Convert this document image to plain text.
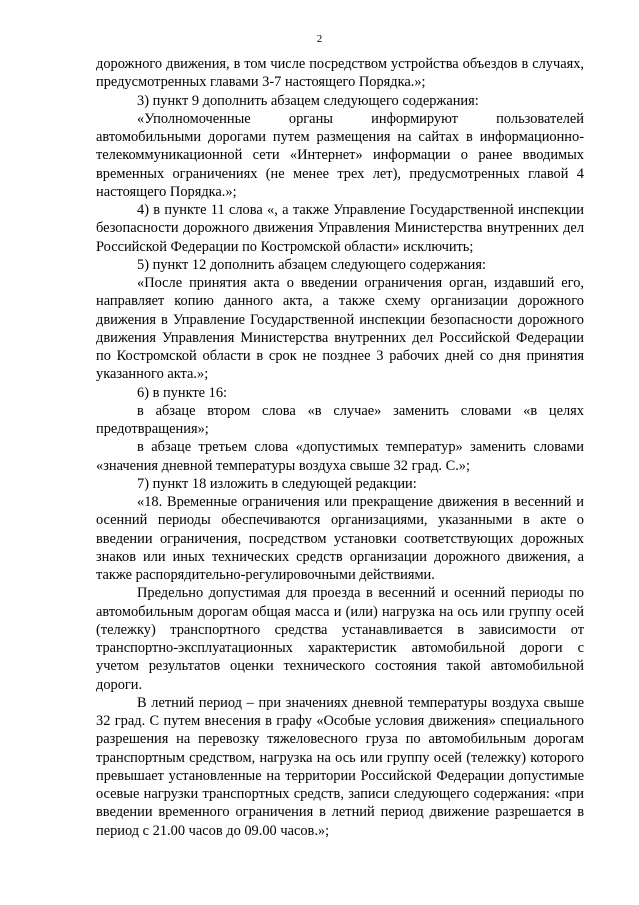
2

дорожного движения, в том числе посредством устройства объездов в случаях, предусмотренных главами 3-7 настоящего Порядка.»;

3) пункт 9 дополнить абзацем следующего содержания:

«Уполномоченные органы информируют пользователей автомобильными дорогами путем размещения на сайтах в информационно-телекоммуникационной сети «Интернет» информации о ранее вводимых временных ограничениях (не менее трех лет), предусмотренных главой 4 настоящего Порядка.»;

4) в пункте 11 слова «, а также Управление Государственной инспекции безопасности дорожного движения Управления Министерства внутренних дел Российской Федерации по Костромской области» исключить;

5) пункт 12 дополнить абзацем следующего содержания:

«После принятия акта о введении ограничения орган, издавший его, направляет копию данного акта, а также схему организации дорожного движения в Управление Государственной инспекции безопасности дорожного движения Управления Министерства внутренних дел Российской Федерации по Костромской области в срок не позднее 3 рабочих дней со дня принятия указанного акта.»;

6) в пункте 16:

в абзаце втором слова «в случае» заменить словами «в целях предотвращения»;

в абзаце третьем слова «допустимых температур» заменить словами «значения дневной температуры воздуха свыше 32 град. С.»;

7) пункт 18 изложить в следующей редакции:

«18. Временные ограничения или прекращение движения в весенний и осенний периоды обеспечиваются организациями, указанными в акте о введении ограничения, посредством установки соответствующих дорожных знаков или иных технических средств организации дорожного движения, а также распорядительно-регулировочными действиями.

Предельно допустимая для проезда в весенний и осенний периоды по автомобильным дорогам общая масса и (или) нагрузка на ось или группу осей (тележку) транспортного средства устанавливается в зависимости от транспортно-эксплуатационных характеристик автомобильной дороги с учетом результатов оценки технического состояния такой автомобильной дороги.

В летний период – при значениях дневной температуры воздуха свыше 32 град. С путем внесения в графу «Особые условия движения» специального разрешения на перевозку тяжеловесного груза по автомобильным дорогам транспортным средством, нагрузка на ось или группу осей (тележку) которого превышает установленные на территории Российской Федерации допустимые осевые нагрузки транспортных средств, записи следующего содержания: «при введении временного ограничения в летний период движение разрешается в период с 21.00 часов до 09.00 часов.»;
